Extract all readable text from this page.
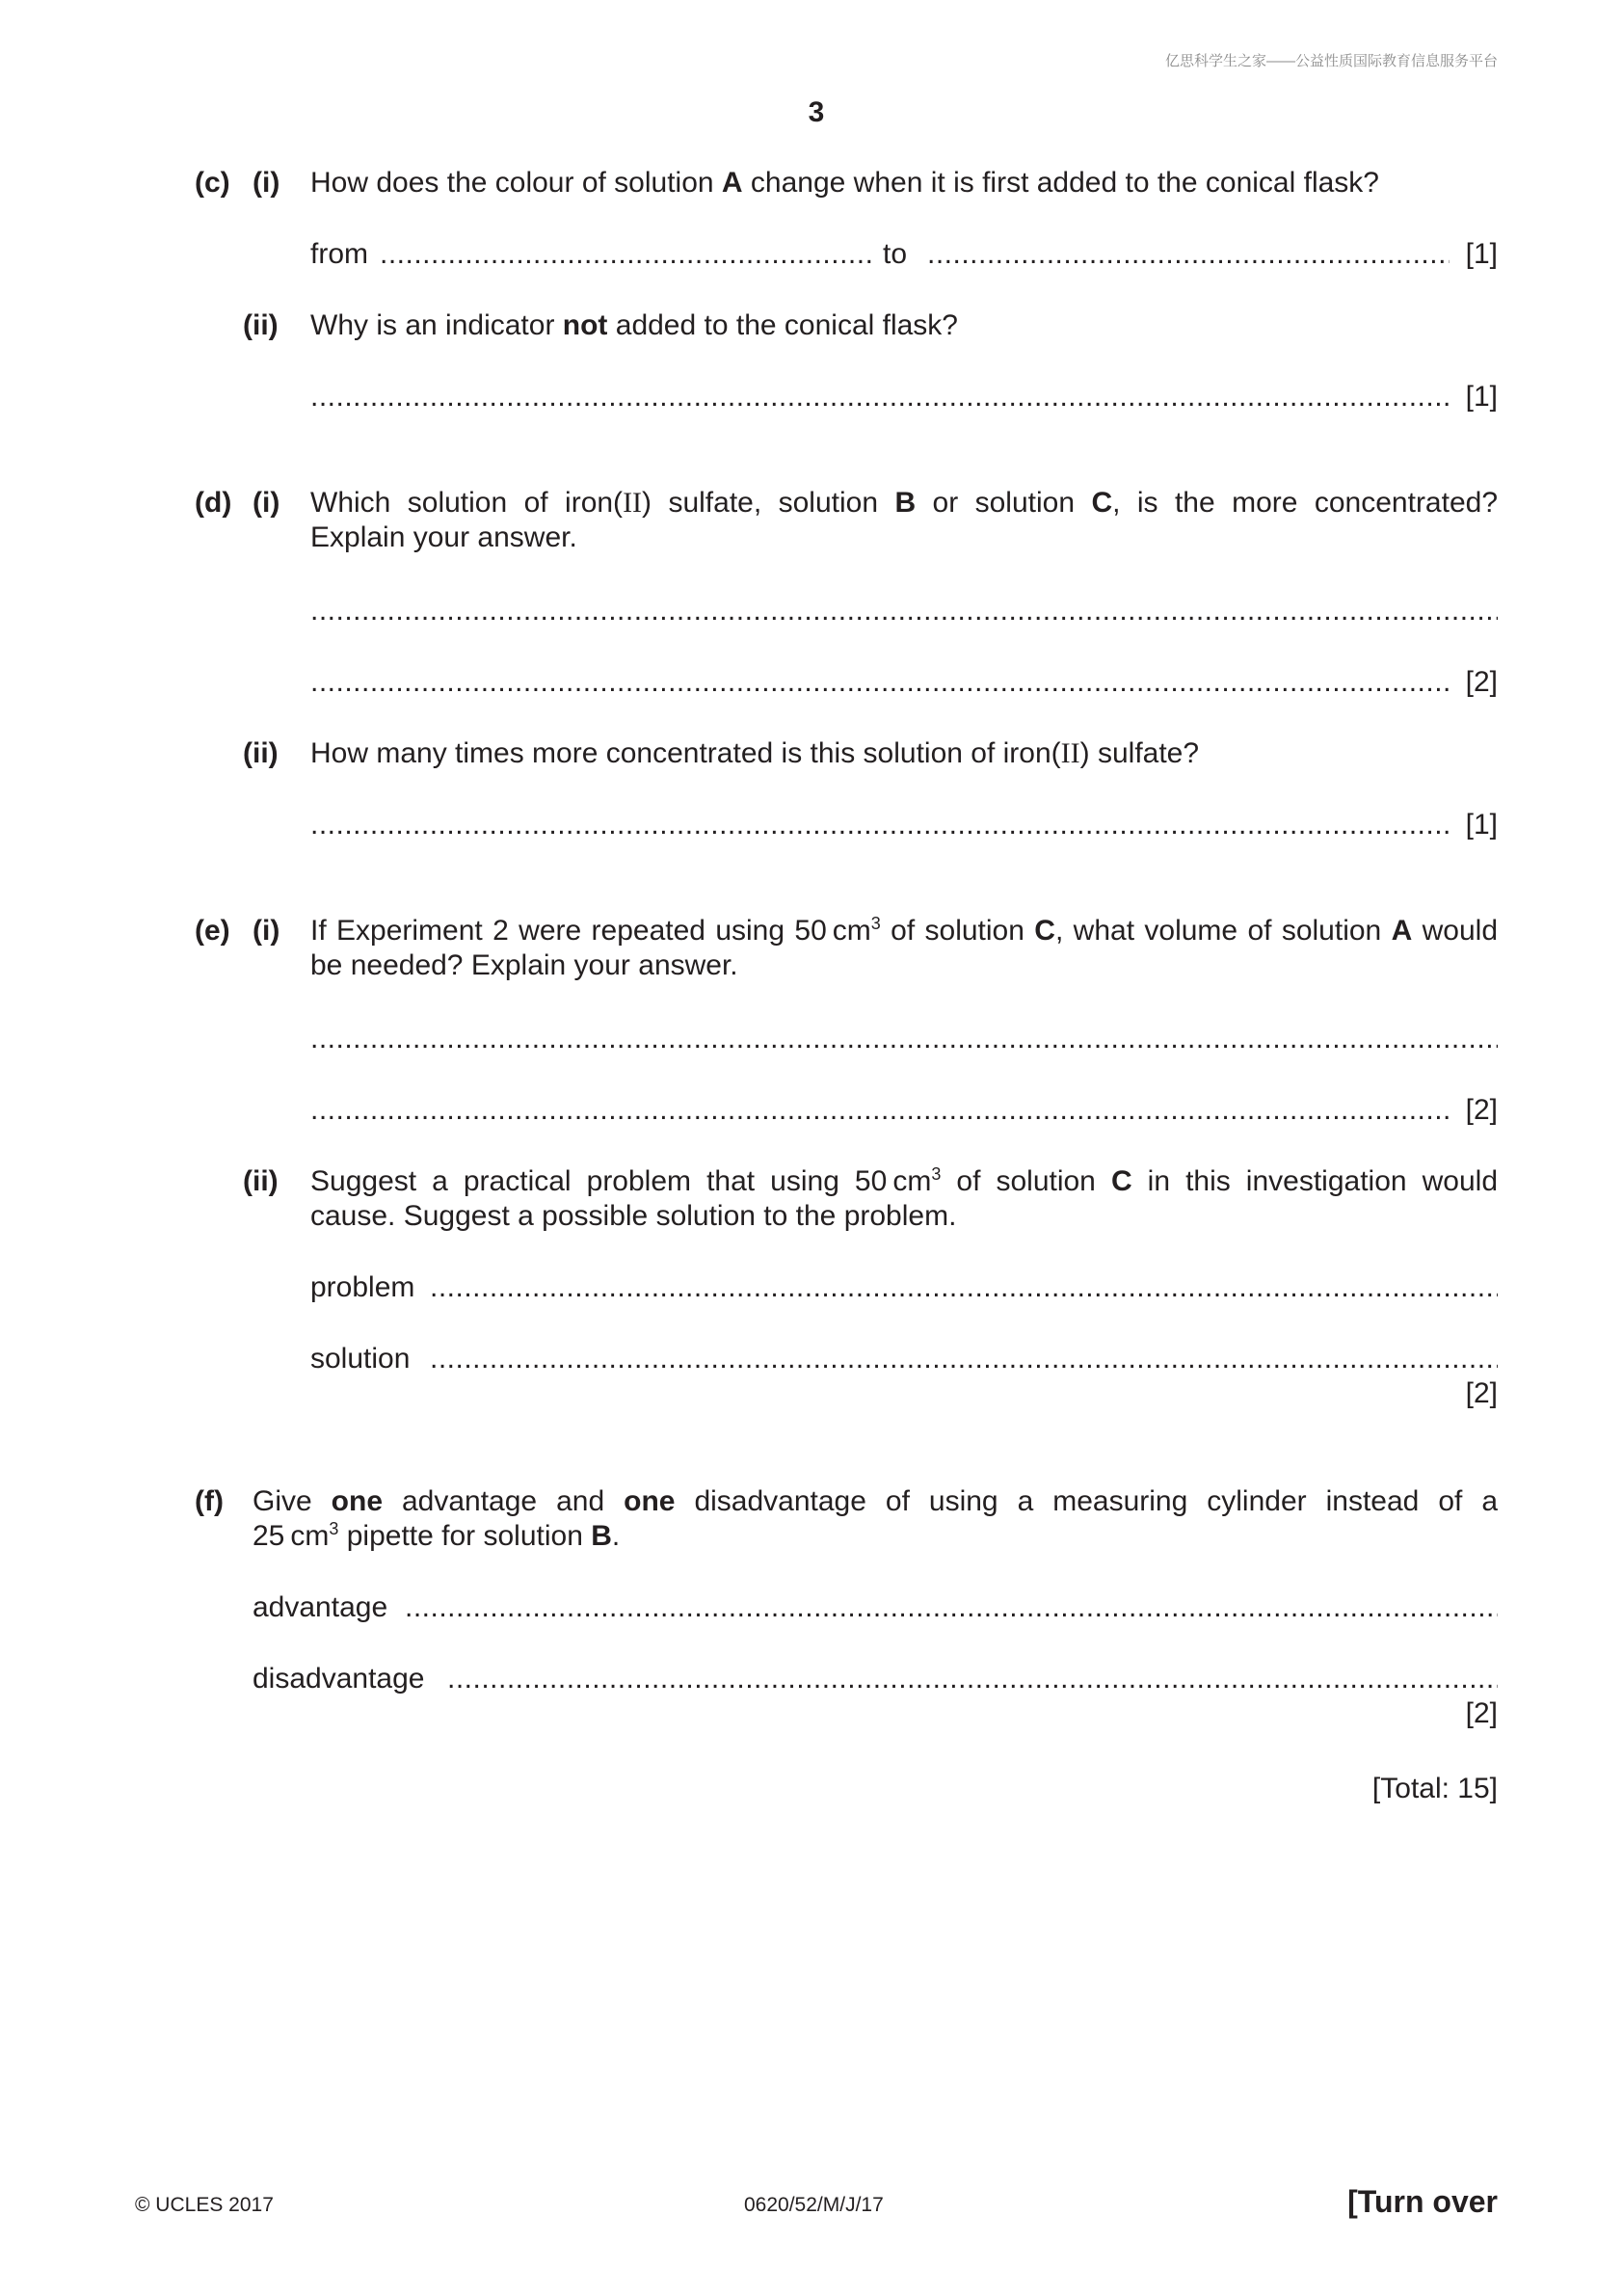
亿思科学生之家——公益性质国际教育信息服务平台
3
(c) (i) How does the colour of solution A change when it is first added to the conical flask?
from .....	to .....	[1]
(ii) Why is an indicator not added to the conical flask?
.....
[1]
(d) (i) Which solution of iron(II) sulfate, solution B or solution C, is the more concentrated?
Explain your answer.
.....
.....
[2]
(ii) How many times more concentrated is this solution of iron(II) sulfate?
.....
[1]
(e) (i) If Experiment 2 were repeated using 50  $cm^3$ of solution C, what volume of solution A would
be needed? Explain your answer.
.....
.....
[2]
(ii) Suggest a practical problem that using 50  $cm^3$ of solution C in this investigation would
cause. Suggest a possible solution to the problem.
problem
.....
solution
.....
[2]
(f) Give one advantage and one disadvantage of using a measuring cylinder instead of a
25  $cm^3$ pipette for solution B.
advantage
.....
disadvantage
.....
[2]
[Total: 15]
© UCLES 2017	0620/52/M/J/17	[Turn over
